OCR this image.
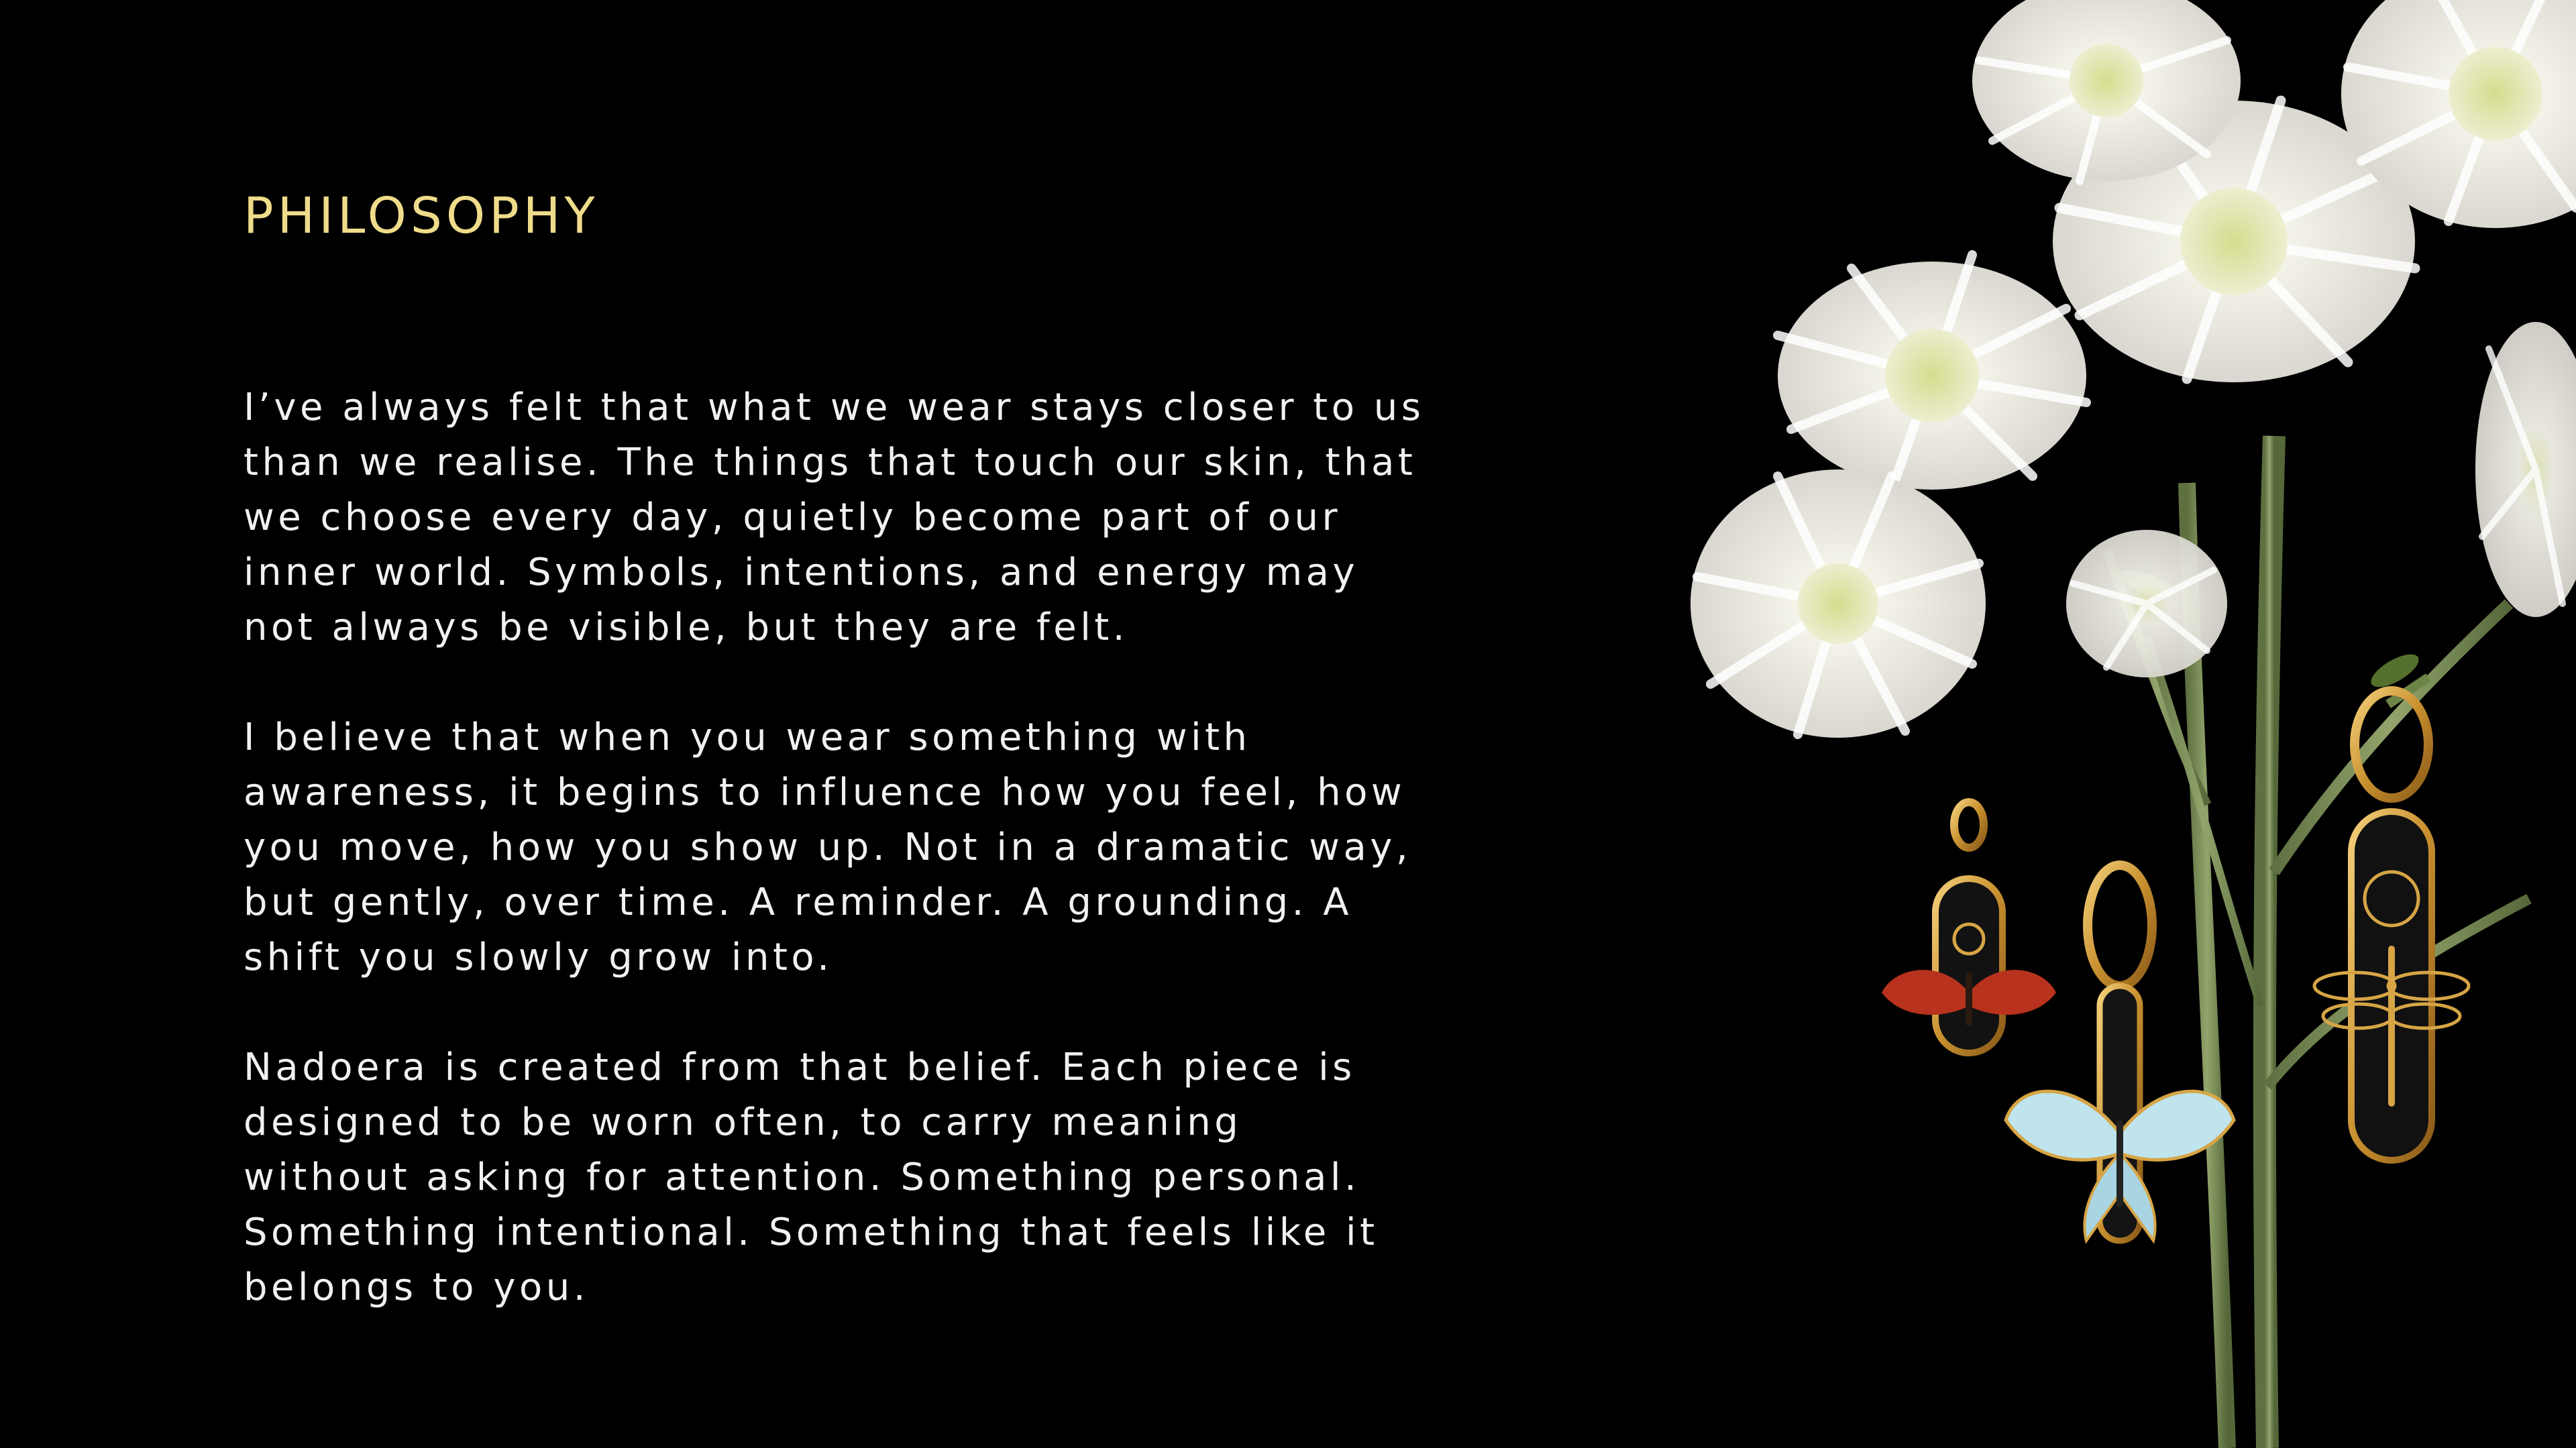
PHILOSOPHY

I’ve always felt that what we wear stays closer to us
than we realise. The things that touch our skin, that
we choose every day, quietly become part of our
inner world. Symbols, intentions, and energy may
not always be visible, but they are felt.

I believe that when you wear something with
awareness, it begins to influence how you feel, how
you move, how you show up. Not in a dramatic way,
but gently, over time. A reminder. A grounding. A
shift you slowly grow into.

Nadoera is created from that belief. Each piece is
designed to be worn often, to carry meaning
without asking for attention. Something personal.
Something intentional. Something that feels like it
belongs to you.
